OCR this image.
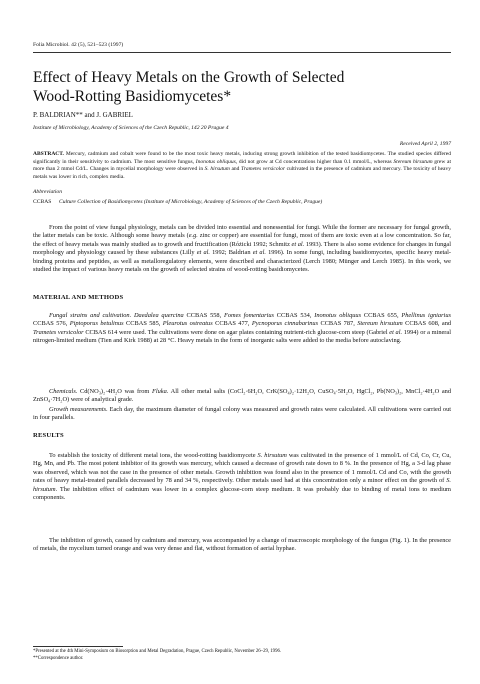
Folia Microbiol. 42 (5), 521–523 (1997)

Effect of Heavy Metals on the Growth of Selected
Wood-Rotting Basidiomycetes*

P. BALDRIAN** and J. GABRIEL

Institute of Microbiology, Academy of Sciences of the Czech Republic, 142 20 Prague 4

Received April 2, 1997

ABSTRACT. Mercury, cadmium and cobalt were found to be the most toxic heavy metals, inducing strong growth inhibition of the tested basidiomycetes. The studied species differed significantly in their sensitivity to cadmium. The most sensitive fungus, Inonotus obliquus, did not grow at Cd concentrations higher than 0.1 mmol/L, whereas Stereum hirsutum grew at more than 2 mmol Cd/L. Changes in mycelial morphology were observed in S. hirsutum and Trametes versicolor cultivated in the presence of cadmium and mercury. The toxicity of heavy metals was lower in rich, complex media.

Abbreviation

CCBAS Culture Collection of Basidiomycetes (Institute of Microbiology, Academy of Sciences of the Czech Republic, Prague)

From the point of view fungal physiology, metals can be divided into essential and nonessential for fungi. While the former are necessary for fungal growth, the latter metals can be toxic. Although some heavy metals (e.g. zinc or copper) are essential for fungi, most of them are toxic even at a low concentration. So far, the effect of heavy metals was mainly studied as to growth and fructification (Różicki 1992; Schmitz et al. 1993). There is also some evidence for changes in fungal morphology and physiology caused by these substances (Lilly et al. 1992; Baldrian et al. 1996). In some fungi, including basidiomycetes, specific heavy metal-binding proteins and peptides, as well as metalloregulatory elements, were described and characterized (Lerch 1980; Münger and Lerch 1985). In this work, we studied the impact of various heavy metals on the growth of selected strains of wood-rotting basidiomycetes.

MATERIAL AND METHODS

Fungal strains and cultivation. Daedalea quercina CCBAS 558, Fomes fomentarius CCBAS 534, Inonotus obliquus CCBAS 655, Phellinus igniarius CCBAS 576, Piptoporus betulinus CCBAS 585, Pleurotus ostreatus CCBAS 477, Pycnoporus cinnabarinus CCBAS 787, Stereum hirsutum CCBAS 608, and Trametes versicolor CCBAS 614 were used. The cultivations were done on agar plates containing nutrient-rich glucose-corn steep (Gabriel et al. 1994) or a mineral nitrogen-limited medium (Tien and Kirk 1988) at 28 °C. Heavy metals in the form of inorganic salts were added to the media before autoclaving.

Chemicals. Cd(NO₃)₂·4H₂O was from Fluka. All other metal salts (CoCl₂·6H₂O, CrK(SO₄)₂·12H₂O, CuSO₄·5H₂O, HgCl₂, Pb(NO₃)₂, MnCl₂·4H₂O and ZnSO₄·7H₂O) were of analytical grade.

Growth measurements. Each day, the maximum diameter of fungal colony was measured and growth rates were calculated. All cultivations were carried out in four parallels.

RESULTS

To establish the toxicity of different metal ions, the wood-rotting basidiomycete S. hirsutum was cultivated in the presence of 1 mmol/L of Cd, Co, Cr, Cu, Hg, Mn, and Pb. The most potent inhibitor of its growth was mercury, which caused a decrease of growth rate down to 8 %. In the presence of Hg, a 3-d lag phase was observed, which was not the case in the presence of other metals. Growth inhibition was found also in the presence of 1 mmol/L Cd and Co, with the growth rates of heavy metal-treated parallels decreased by 78 and 34 %, respectively. Other metals used had at this concentration only a minor effect on the growth of S. hirsutum. The inhibition effect of cadmium was lower in a complex glucose-corn steep medium. It was probably due to binding of metal ions to medium components.

The inhibition of growth, caused by cadmium and mercury, was accompanied by a change of macroscopic morphology of the fungus (Fig. 1). In the presence of metals, the mycelium turned orange and was very dense and flat, without formation of aerial hyphae.

*Presented at the 4th Mini-Symposium on Biosorption and Metal Degradation, Prague, Czech Republic, November 26–29, 1996.

**Correspondence author.
